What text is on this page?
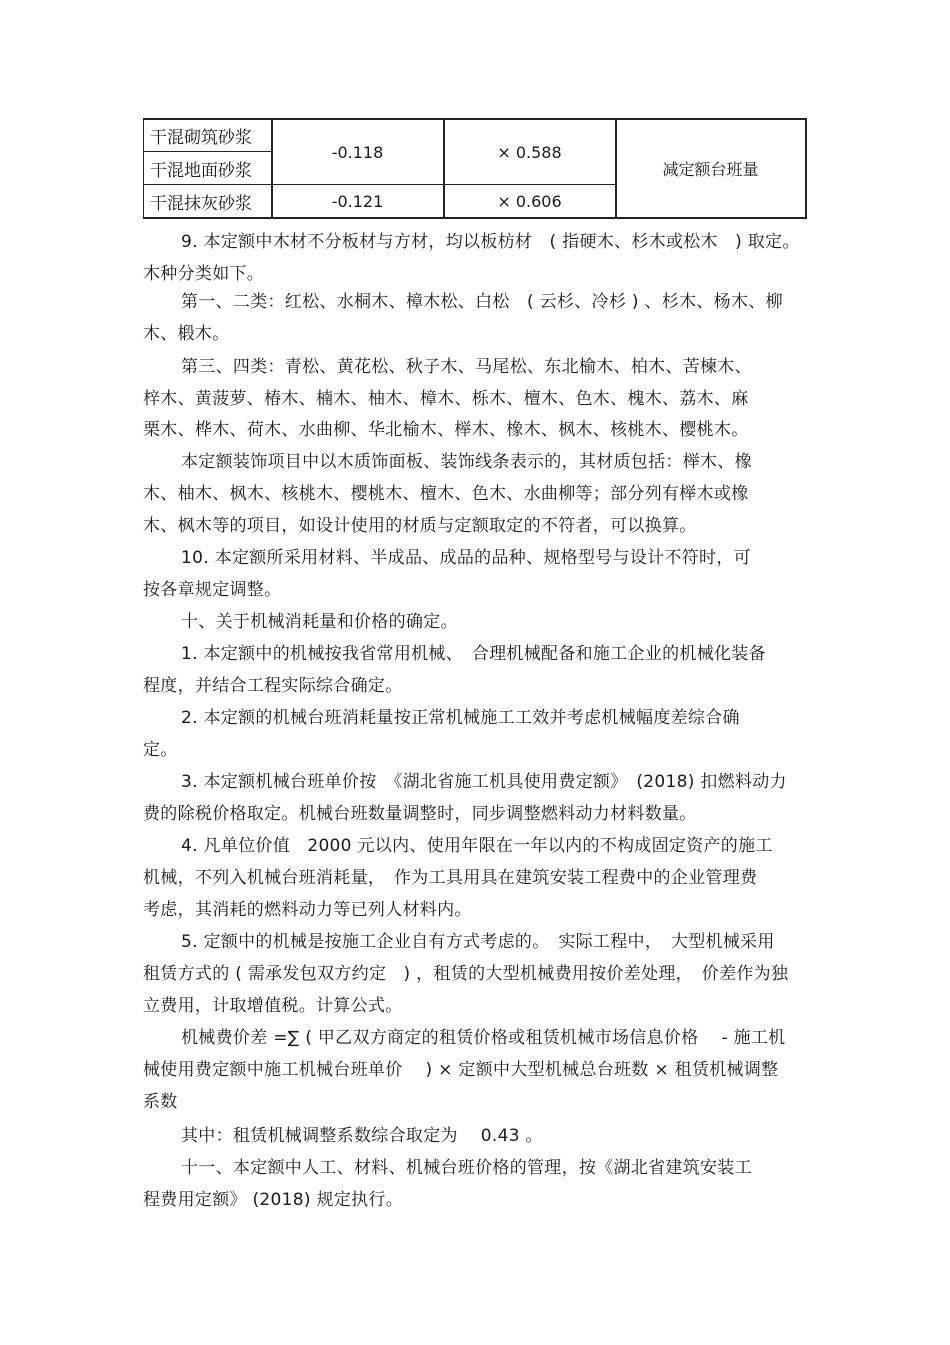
干混砌筑砂浆	-0.118	× 0.588	减定额台班量
干混地面砂浆			
干混抹灰砂浆	-0.121	× 0.606	
9. 本定额中木材不分板材与方材，均以板枋材　( 指硬木、杉木或松木　) 取定。
木种分类如下。
第一、二类：红松、水桐木、樟木松、白松　( 云杉、冷杉 ) 、杉木、杨木、柳
木、椴木。
第三、四类：青松、黄花松、秋子木、马尾松、东北榆木、柏木、苦楝木、
梓木、黄菠萝、椿木、楠木、柚木、樟木、栎木、檀木、色木、槐木、荔木、麻
栗木、桦木、荷木、水曲柳、华北榆木、榉木、橡木、枫木、核桃木、樱桃木。
本定额装饰项目中以木质饰面板、装饰线条表示的，其材质包括：榉木、橡
木、柚木、枫木、核桃木、樱桃木、檀木、色木、水曲柳等；部分列有榉木或橡
木、枫木等的项目，如设计使用的材质与定额取定的不符者，可以换算。
10. 本定额所采用材料、半成品、成品的品种、规格型号与设计不符时，可
按各章规定调整。
十、关于机械消耗量和价格的确定。
1. 本定额中的机械按我省常用机械、　合理机械配备和施工企业的机械化装备
程度，并结合工程实际综合确定。
2. 本定额的机械台班消耗量按正常机械施工工效并考虑机械幅度差综合确
定。
3. 本定额机械台班单价按　《湖北省施工机具使用费定额》　(2018) 扣燃料动力
费的除税价格取定。机械台班数量调整时，同步调整燃料动力材料数量。
4. 凡单位价值　2000 元以内、使用年限在一年以内的不构成固定资产的施工
机械，不列入机械台班消耗量，　作为工具用具在建筑安装工程费中的企业管理费
考虑，其消耗的燃料动力等已列人材料内。
5. 定额中的机械是按施工企业自有方式考虑的。　实际工程中，　大型机械采用
租赁方式的 ( 需承发包双方约定　) ，租赁的大型机械费用按价差处理，　价差作为独
立费用，计取增值税。计算公式。
机械费价差 =∑ ( 甲乙双方商定的租赁价格或租赁机械市场信息价格　 - 施工机
械使用费定额中施工机械台班单价　 ) × 定额中大型机械总台班数 × 租赁机械调整
系数
其中：租赁机械调整系数综合取定为　 0.43 。
十一、本定额中人工、材料、机械台班价格的管理，按《湖北省建筑安装工
程费用定额》 (2018) 规定执行。
